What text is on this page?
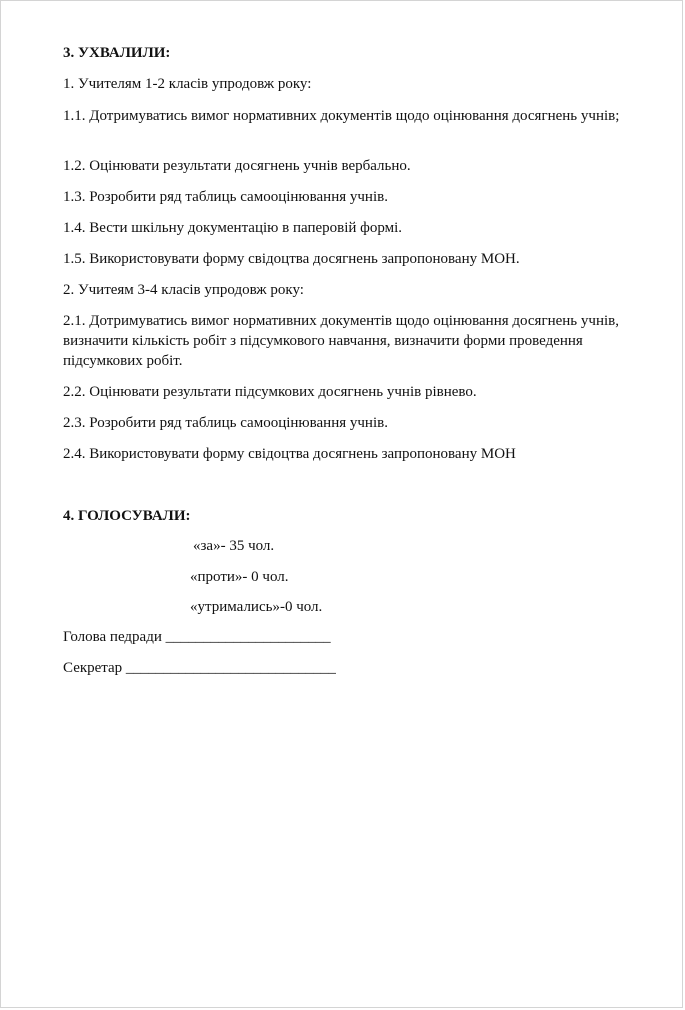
3. УХВАЛИЛИ:
1. Учителям 1-2 класів упродовж року:
1.1. Дотримуватись вимог нормативних документів щодо оцінювання досягнень учнів;
1.2. Оцінювати результати досягнень учнів вербально.
1.3. Розробити ряд таблиць самооцінювання учнів.
1.4. Вести шкільну документацію в паперовій формі.
1.5. Використовувати форму свідоцтва досягнень запропоновану МОН.
2. Учитеям 3-4 класів упродовж року:
2.1. Дотримуватись вимог нормативних документів щодо оцінювання досягнень учнів, визначити кількість робіт з підсумкового навчання, визначити форми проведення підсумкових робіт.
2.2. Оцінювати результати підсумкових досягнень учнів рівнево.
2.3. Розробити ряд таблиць самооцінювання учнів.
2.4. Використовувати форму свідоцтва досягнень запропоновану МОН
4. ГОЛОСУВАЛИ:
«за»- 35 чол.
«проти»- 0 чол.
«утримались»-0 чол.
Голова педради ______________________
Секретар ____________________________
